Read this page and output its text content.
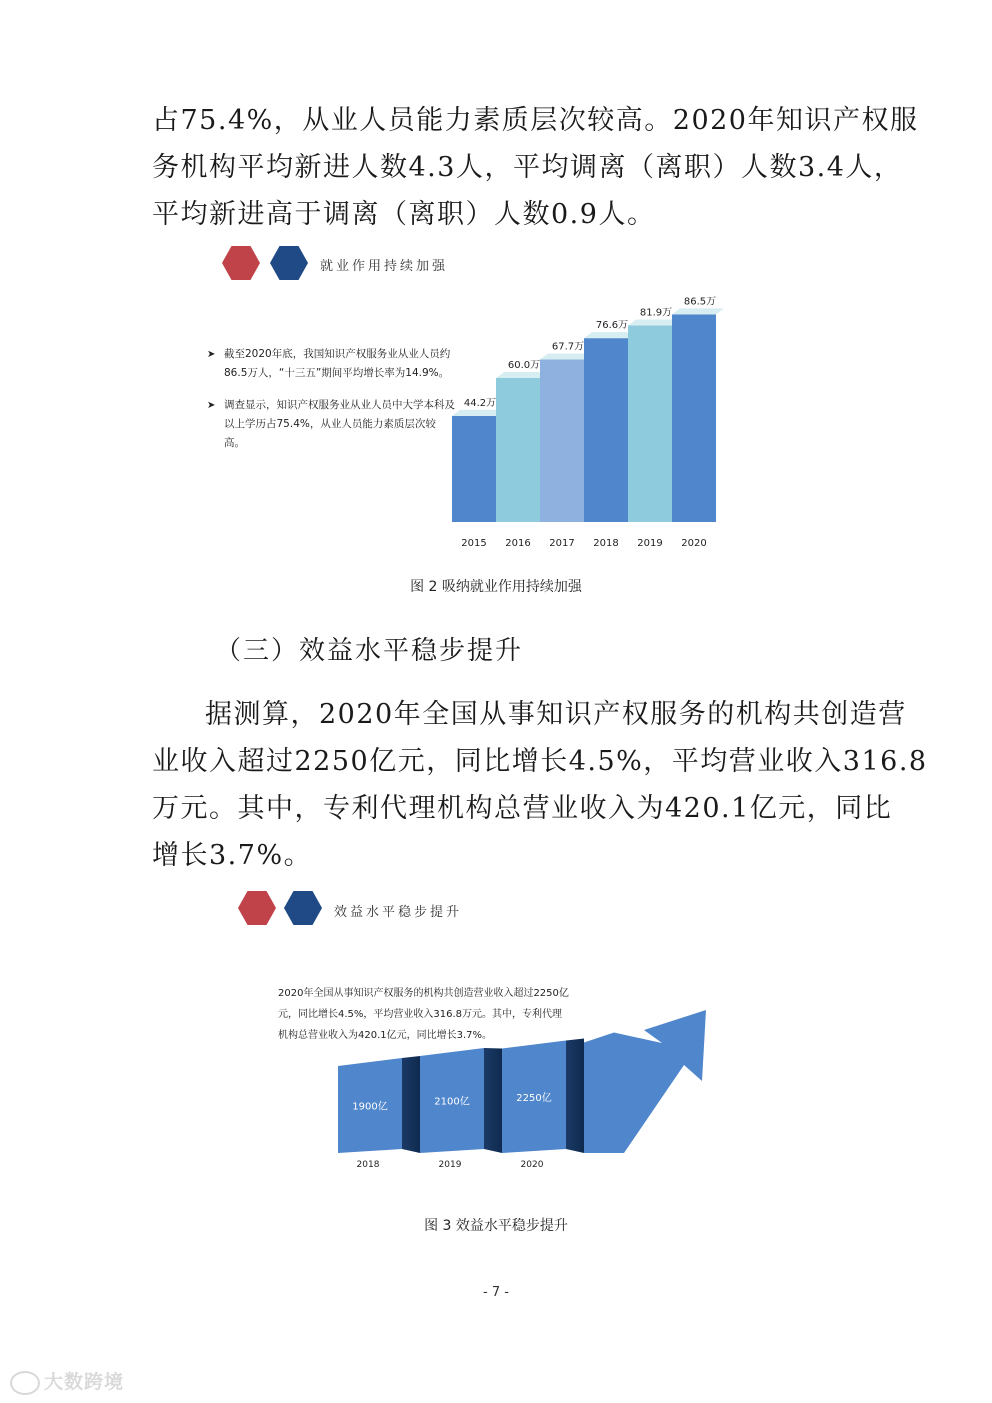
占75.4%，从业人员能力素质层次较高。2020年知识产权服

务机构平均新进人数4.3人，平均调离（离职）人数3.4人，

平均新进高于调离（离职）人数0.9人。

就业作用持续加强
➤ 截至2020年底，我国知识产权服务业从业人员约86.5万人，“十三五”期间平均增长率为14.9%。
➤ 调查显示，知识产权服务业从业人员中大学本科及以上学历占75.4%，从业人员能力素质层次较高。
44.2万
2015
60.0万
2016
67.7万
2017
76.6万
2018
81.9万
2019
86.5万
2020
图 2 吸纳就业作用持续加强

（三）效益水平稳步提升

据测算，2020年全国从事知识产权服务的机构共创造营

业收入超过2250亿元，同比增长4.5%，平均营业收入316.8

万元。其中，专利代理机构总营业收入为420.1亿元，同比

增长3.7%。

效益水平稳步提升
2020年全国从事知识产权服务的机构共创造营业收入超过2250亿
元，同比增长4.5%，平均营业收入316.8万元。其中，专利代理
机构总营业收入为420.1亿元，同比增长3.7%。
1900亿	2100亿	2250亿
2018	2019	2020
图 3 效益水平稳步提升
- 7 -
大数跨境
